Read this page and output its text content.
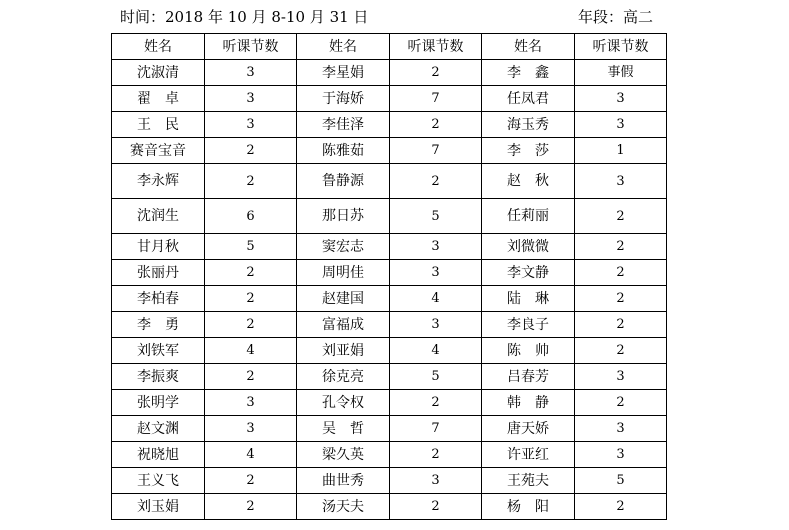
时间：2018 年 10 月 8-10 月 31 日	年段：高二
姓名	听课节数	姓名	听课节数	姓名	听课节数
沈淑清	3	李星娟	2	李　鑫	事假
翟　卓	3	于海娇	7	任凤君	3
王　民	3	李佳泽	2	海玉秀	3
赛音宝音	2	陈雅茹	7	李　莎	1
李永辉	2	鲁静源	2	赵　秋	3
沈润生	6	那日苏	5	任莉丽	2
甘月秋	5	窦宏志	3	刘微微	2
张丽丹	2	周明佳	3	李文静	2
李柏春	2	赵建国	4	陆　琳	2
李　勇	2	富福成	3	李良子	2
刘铁军	4	刘亚娟	4	陈　帅	2
李振爽	2	徐克亮	5	吕春芳	3
张明学	3	孔令权	2	韩　静	2
赵文渊	3	吴　哲	7	唐天娇	3
祝晓旭	4	梁久英	2	许亚红	3
王义飞	2	曲世秀	3	王苑夫	5
刘玉娟	2	汤天夫	2	杨　阳	2
